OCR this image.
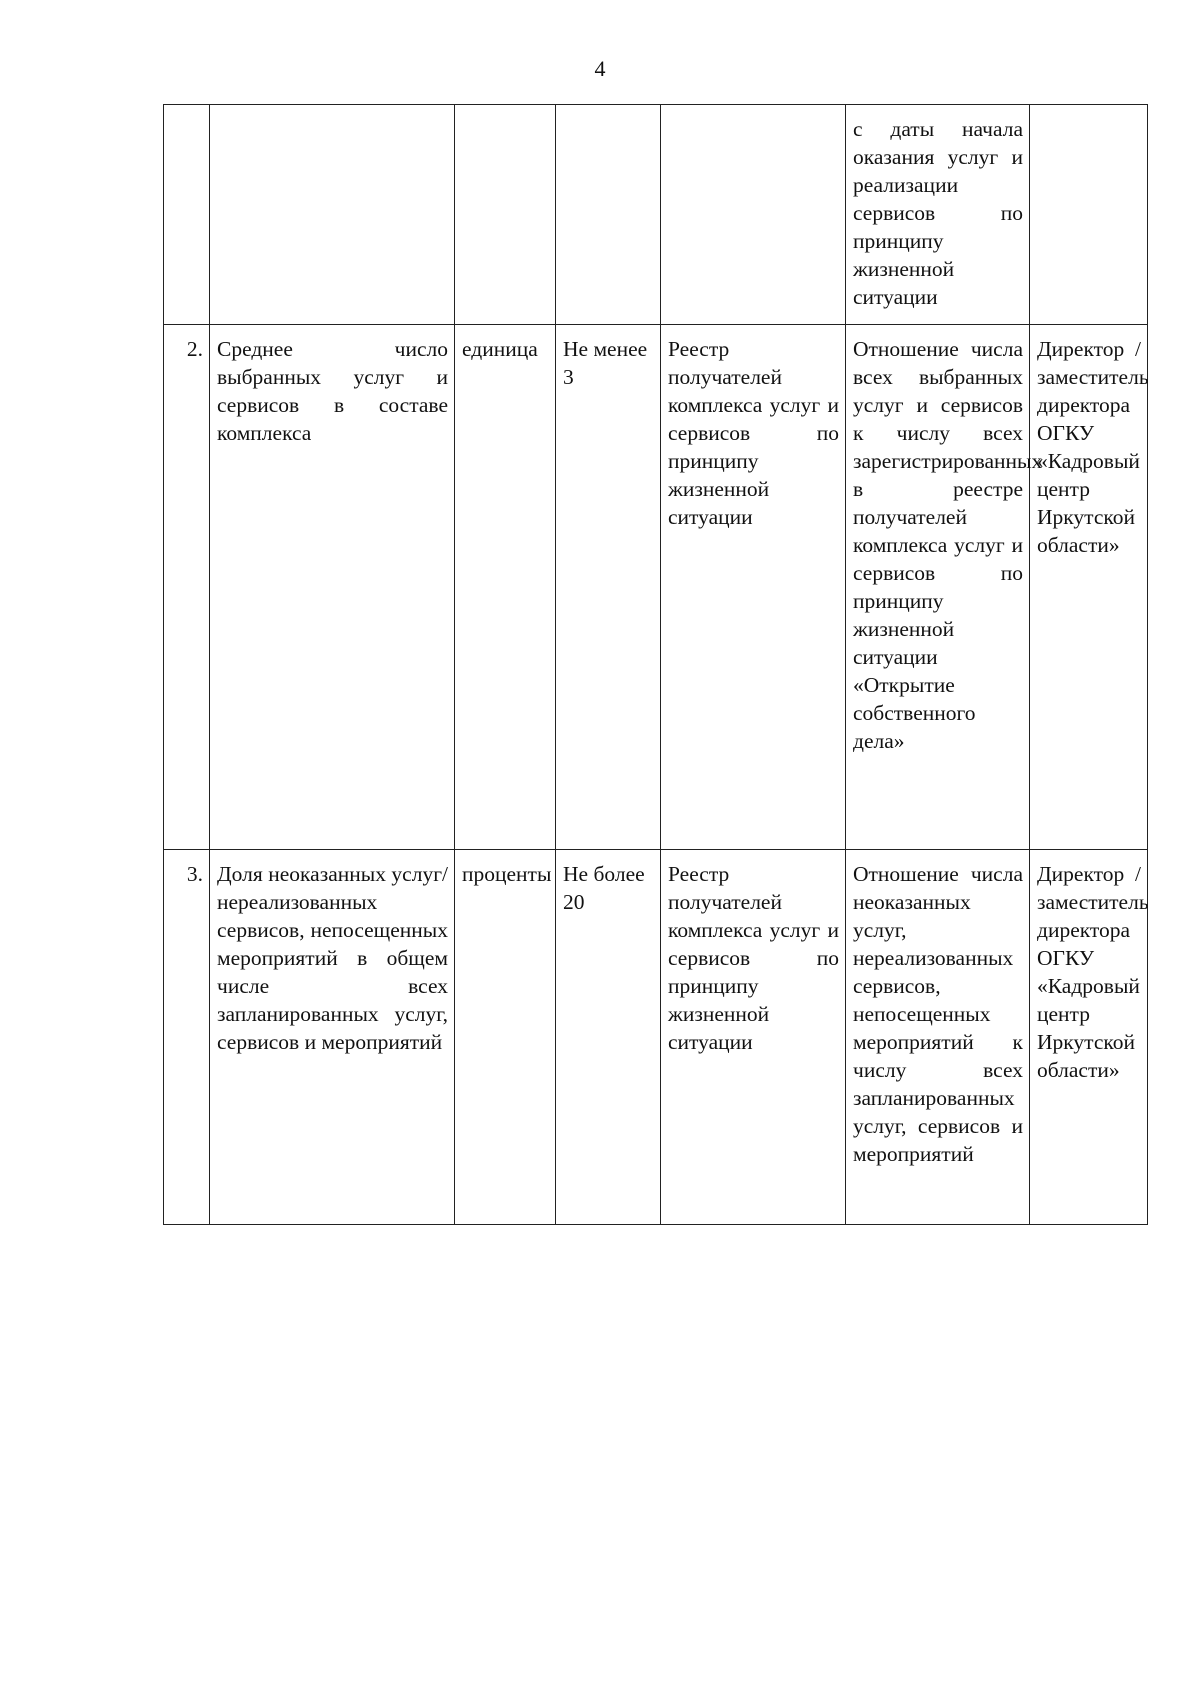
4
					с даты начала оказания услуг и реализации сервисов по принципу жизненной ситуации	
2.	Среднее число выбранных услуг и сервисов в составе комплекса	единица	Не менее 3	Реестр получателей комплекса услуг и сервисов по принципу жизненной ситуации	Отношение числа всех выбранных услуг и сервисов к числу всех зарегистрированных в реестре получателей комплекса услуг и сервисов по принципу жизненной ситуации «Открытие собственного дела»	Директор / заместитель директора ОГКУ «Кадровый центр Иркутской области»
3.	Доля неоказанных услуг/ нереализованных сервисов, непосещенных мероприятий в общем числе всех запланированных услуг, сервисов и мероприятий	проценты	Не более 20	Реестр получателей комплекса услуг и сервисов по принципу жизненной ситуации	Отношение числа неоказанных услуг, нереализованных сервисов, непосещенных мероприятий к числу всех запланированных услуг, сервисов и мероприятий	Директор / заместитель директора ОГКУ «Кадровый центр Иркутской области»
